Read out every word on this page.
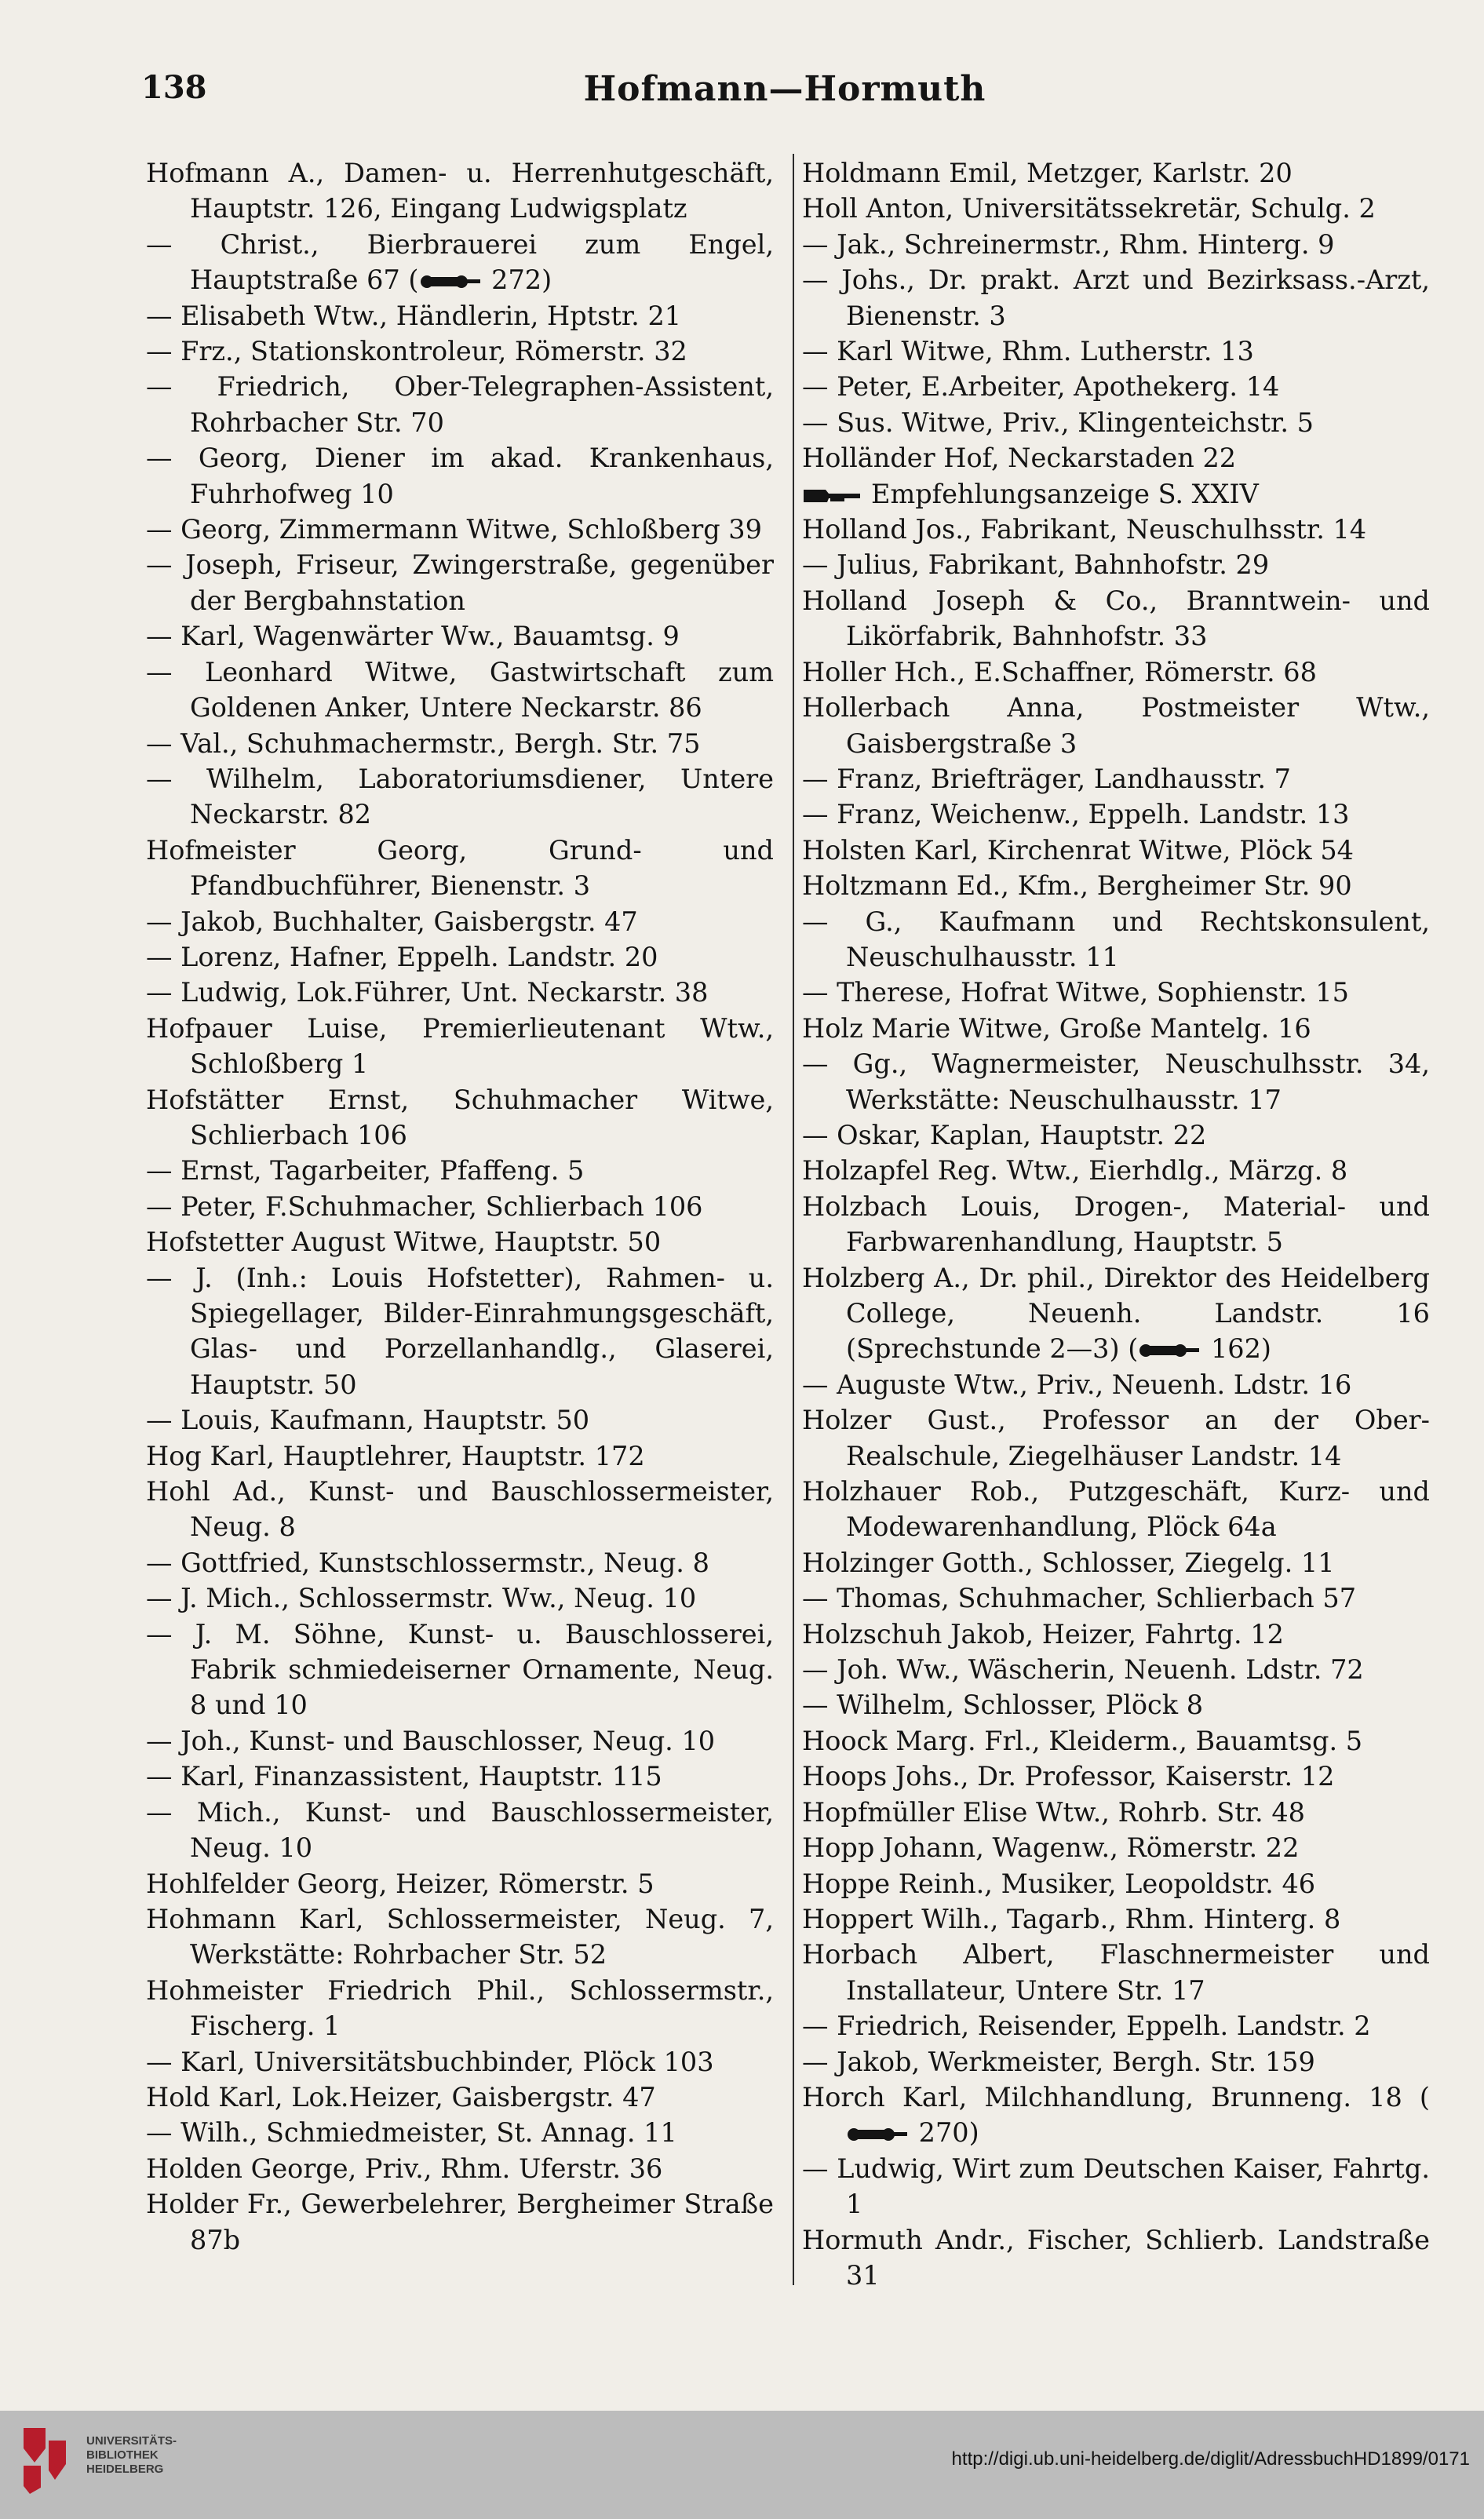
138	Hofmann—Hormuth

Hofmann A., Damen- u. Herrenhutgeschäft, Hauptstr. 126, Eingang Ludwigsplatz

— Christ., Bierbrauerei zum Engel, Hauptstraße 67 (	272)

— Elisabeth Wtw., Händlerin, Hptstr. 21

— Frz., Stationskontroleur, Römerstr. 32

— Friedrich, Ober-Telegraphen-Assistent, Rohrbacher Str. 70

— Georg, Diener im akad. Krankenhaus, Fuhrhofweg 10

— Georg, Zimmermann Witwe, Schloßberg 39

— Joseph, Friseur, Zwingerstraße, gegenüber der Bergbahnstation

— Karl, Wagenwärter Ww., Bauamtsg. 9

— Leonhard Witwe, Gastwirtschaft zum Goldenen Anker, Untere Neckarstr. 86

— Val., Schuhmachermstr., Bergh. Str. 75

— Wilhelm, Laboratoriumsdiener, Untere Neckarstr. 82

Hofmeister Georg, Grund- und Pfandbuchführer, Bienenstr. 3

— Jakob, Buchhalter, Gaisbergstr. 47

— Lorenz, Hafner, Eppelh. Landstr. 20

— Ludwig, Lok.Führer, Unt. Neckarstr. 38

Hofpauer Luise, Premierlieutenant Wtw., Schloßberg 1

Hofstätter Ernst, Schuhmacher Witwe, Schlierbach 106

— Ernst, Tagarbeiter, Pfaffeng. 5

— Peter, F.Schuhmacher, Schlierbach 106

Hofstetter August Witwe, Hauptstr. 50

— J. (Inh.: Louis Hofstetter), Rahmen- u. Spiegellager, Bilder-Einrahmungsgeschäft, Glas- und Porzellanhandlg., Glaserei, Hauptstr. 50

— Louis, Kaufmann, Hauptstr. 50

Hog Karl, Hauptlehrer, Hauptstr. 172

Hohl Ad., Kunst- und Bauschlossermeister, Neug. 8

— Gottfried, Kunstschlossermstr., Neug. 8

— J. Mich., Schlossermstr. Ww., Neug. 10

— J. M. Söhne, Kunst- u. Bauschlosserei, Fabrik schmiedeiserner Ornamente, Neug. 8 und 10

— Joh., Kunst- und Bauschlosser, Neug. 10

— Karl, Finanzassistent, Hauptstr. 115

— Mich., Kunst- und Bauschlossermeister, Neug. 10

Hohlfelder Georg, Heizer, Römerstr. 5

Hohmann Karl, Schlossermeister, Neug. 7, Werkstätte: Rohrbacher Str. 52

Hohmeister Friedrich Phil., Schlossermstr., Fischerg. 1

— Karl, Universitätsbuchbinder, Plöck 103

Hold Karl, Lok.Heizer, Gaisbergstr. 47

— Wilh., Schmiedmeister, St. Annag. 11

Holden George, Priv., Rhm. Uferstr. 36

Holder Fr., Gewerbelehrer, Bergheimer Straße 87b

Holdmann Emil, Metzger, Karlstr. 20

Holl Anton, Universitätssekretär, Schulg. 2

— Jak., Schreinermstr., Rhm. Hinterg. 9

— Johs., Dr. prakt. Arzt und Bezirksass.-Arzt, Bienenstr. 3

— Karl Witwe, Rhm. Lutherstr. 13

— Peter, E.Arbeiter, Apothekerg. 14

— Sus. Witwe, Priv., Klingenteichstr. 5

Holländer Hof, Neckarstaden 22

Empfehlungsanzeige S. XXIV

Holland Jos., Fabrikant, Neuschulhsstr. 14

— Julius, Fabrikant, Bahnhofstr. 29

Holland Joseph & Co., Branntwein- und Likörfabrik, Bahnhofstr. 33

Holler Hch., E.Schaffner, Römerstr. 68

Hollerbach Anna, Postmeister Wtw., Gaisbergstraße 3

— Franz, Briefträger, Landhausstr. 7

— Franz, Weichenw., Eppelh. Landstr. 13

Holsten Karl, Kirchenrat Witwe, Plöck 54

Holtzmann Ed., Kfm., Bergheimer Str. 90

— G., Kaufmann und Rechtskonsulent, Neuschulhausstr. 11

— Therese, Hofrat Witwe, Sophienstr. 15

Holz Marie Witwe, Große Mantelg. 16

— Gg., Wagnermeister, Neuschulhsstr. 34, Werkstätte: Neuschulhausstr. 17

— Oskar, Kaplan, Hauptstr. 22

Holzapfel Reg. Wtw., Eierhdlg., Märzg. 8

Holzbach Louis, Drogen-, Material- und Farbwarenhandlung, Hauptstr. 5

Holzberg A., Dr. phil., Direktor des Heidelberg College, Neuenh. Landstr. 16 (Sprechstunde 2—3) (	162)

— Auguste Wtw., Priv., Neuenh. Ldstr. 16

Holzer Gust., Professor an der Ober-Realschule, Ziegelhäuser Landstr. 14

Holzhauer Rob., Putzgeschäft, Kurz- und Modewarenhandlung, Plöck 64a

Holzinger Gotth., Schlosser, Ziegelg. 11

— Thomas, Schuhmacher, Schlierbach 57

Holzschuh Jakob, Heizer, Fahrtg. 12

— Joh. Ww., Wäscherin, Neuenh. Ldstr. 72

— Wilhelm, Schlosser, Plöck 8

Hoock Marg. Frl., Kleiderm., Bauamtsg. 5

Hoops Johs., Dr. Professor, Kaiserstr. 12

Hopfmüller Elise Wtw., Rohrb. Str. 48

Hopp Johann, Wagenw., Römerstr. 22

Hoppe Reinh., Musiker, Leopoldstr. 46

Hoppert Wilh., Tagarb., Rhm. Hinterg. 8

Horbach Albert, Flaschnermeister und Installateur, Untere Str. 17

— Friedrich, Reisender, Eppelh. Landstr. 2

— Jakob, Werkmeister, Bergh. Str. 159

Horch Karl, Milchhandlung, Brunneng. 18 (
270)

— Ludwig, Wirt zum Deutschen Kaiser, Fahrtg. 1

Hormuth Andr., Fischer, Schlierb. Landstraße 31

UNIVERSITÄTS-
BIBLIOTHEK
HEIDELBERG	http://digi.ub.uni-heidelberg.de/diglit/AdressbuchHD1899/0171
